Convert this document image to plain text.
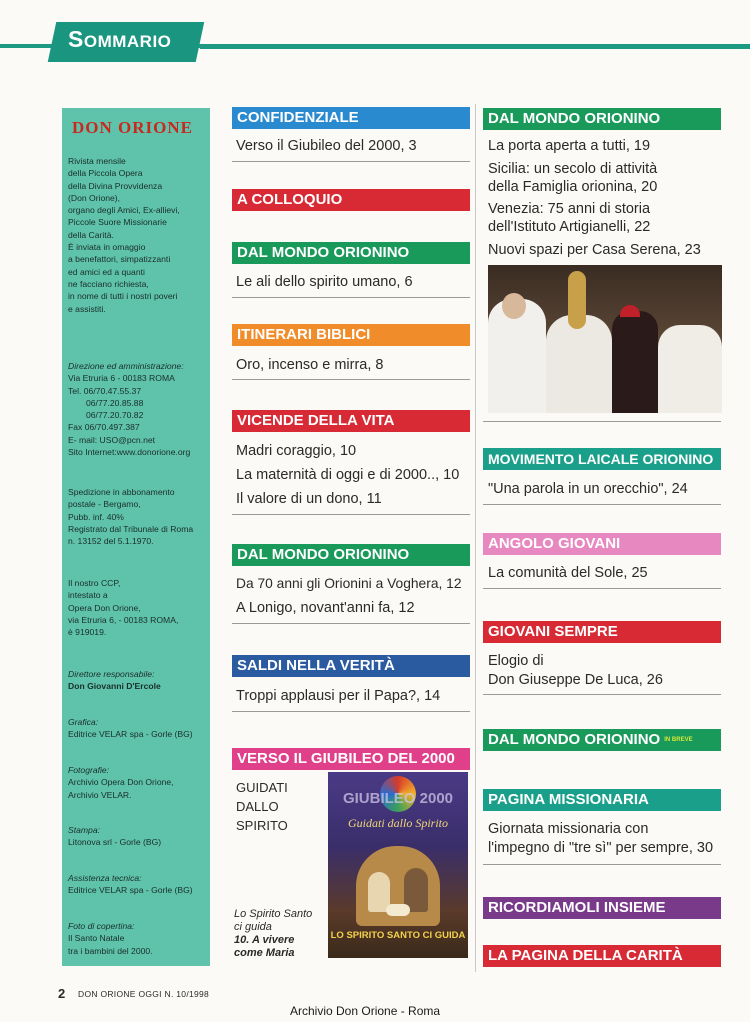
SOMMARIO
DON ORIONE

Rivista mensile

della Piccola Opera

della Divina Provvidenza

(Don Orione),

organo degli Amici, Ex-allievi,

Piccole Suore Missionarie

della Carità.

È inviata in omaggio

a benefattori, simpatizzanti

ed amici ed a quanti

ne facciano richiesta,

in nome di tutti i nostri poveri

e assistiti.

Direzione ed amministrazione:

Via Etruria 6 - 00183 ROMA

Tel. 06/70.47.55.37

06/77.20.85.88

06/77.20.70.82

Fax 06/70.497.387

E- mail: USO@pcn.net

Sito Internet:www.donorione.org

Spedizione in abbonamento

postale - Bergamo,

Pubb. inf. 40%

Registrato dal Tribunale di Roma

n. 13152 del 5.1.1970.

Il nostro CCP,

intestato a

Opera Don Orione,

via Etruria 6, - 00183 ROMA,

è 919019.

Direttore responsabile:

Don Giovanni D'Ercole

Grafica:

Editrice VELAR spa - Gorle (BG)

Fotografie:

Archivio Opera Don Orione,

Archivio VELAR.

Stampa:

Litonova srl - Gorle (BG)

Assistenza tecnica:

Editrice VELAR spa - Gorle (BG)

Foto di copertina:

Il Santo Natale

tra i bambini del 2000.

CONFIDENZIALE
Verso il Giubileo del 2000, 3
A COLLOQUIO
DAL MONDO ORIONINO
Le ali dello spirito umano, 6
ITINERARI BIBLICI
Oro, incenso e mirra, 8
VICENDE DELLA VITA
Madri coraggio, 10
La maternità di oggi e di 2000.., 10
Il valore di un dono, 11
DAL MONDO ORIONINO
Da 70 anni gli Orionini a Voghera, 12
A Lonigo, novant'anni fa, 12
SALDI NELLA VERITÀ
Troppi applausi per il Papa?, 14
VERSO IL GIUBILEO DEL 2000
GUIDATI
DALLO
SPIRITO
Lo Spirito Santo
ci guida
10. A vivere
come Maria
GIUBILEO 2000
Guidati dallo Spirito
LO SPIRITO SANTO CI GUIDA
DAL MONDO ORIONINO
La porta aperta a tutti, 19
Sicilia: un secolo di attività
della Famiglia orionina, 20
Venezia: 75 anni di storia
dell'Istituto Artigianelli, 22
Nuovi spazi per Casa Serena, 23
MOVIMENTO LAICALE ORIONINO
"Una parola in un orecchio", 24
ANGOLO GIOVANI
La comunità del Sole, 25
GIOVANI SEMPRE
Elogio di
Don Giuseppe De Luca, 26
DAL MONDO ORIONINO IN BREVE
PAGINA MISSIONARIA
Giornata missionaria con
l'impegno di "tre sì" per sempre, 30
RICORDIAMOLI INSIEME
LA PAGINA DELLA CARITÀ
2 DON ORIONE OGGI N. 10/1998
Archivio Don Orione - Roma
